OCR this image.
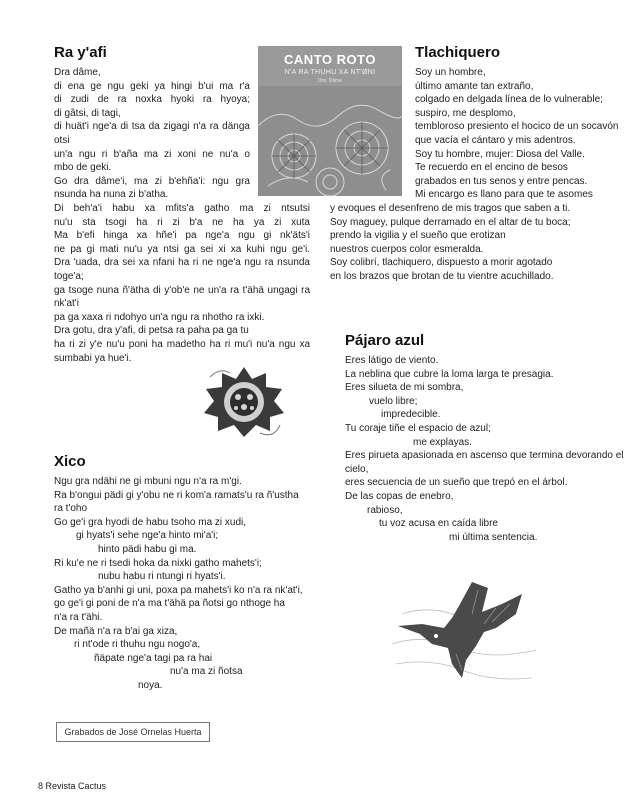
Ra y'afi
Dra dâme,
di ena ge ngu geki ya hingi b'ui ma r'a
di zudi de ra noxka hyoki ra hyoya;
di gâtsi, di tagi,
di huät'i nge'a di tsa da zigagi n'a ra dänga
otsi
un'a ngu ri b'aña ma zi xoni ne nu'a o
mbo de geki.
Go dra dâme'i, ma zi b'ehña'i: ngu gra
nsunda ha nuna zi b'atha.
Di beh'a'i habu xa mfits'a gatho ma zi ntsutsi
nu'u sta tsogi ha ri zi b'a ne ha ya zi xuta
Ma b'efi hinga xa hñe'i pa nge'a ngu gi nk'äts'i
ne pa gi mati nu'u ya ntsi ga sei xi xa kuhi ngu ge'i.
Dra 'uada, dra sei xa nfani ha ri ne nge'a ngu ra nsunda
toge'a;
ga tsoge nuna ñ'ätha di y'ob'e ne un'a ra t'ähä ungagi ra
nk'at'i
pa ga xaxa ri ndohyo un'a ngu ra nhotho ra ixki.
Dra gotu, dra y'afi, di petsa ra paha pa ga tu
ha ri zi y'e nu'u poni ha madetho ha ri mu'i nu'a ngu xa
sumbabi ya hue'i.
CANTO ROTO
N'A RA THUHU XA NT'ØNI
Dra. Dâme
Xico
Ngu gra ndähi ne gi mbuni ngu n'a ra m'gi.
Ra b'ongui pädi gi y'obu ne ri kom'a ramats'u ra ñ'ustha
ra t'oho
Go ge'i gra hyodi de habu tsoho ma zi xudi,
gi hyats'i sehe nge'a hinto mi'a'i;
hinto pädi habu gi ma.
Ri ku'e ne ri tsedi hoka da nixki gatho mahets'i;
nubu habu ri ntungi ri hyats'i.
Gatho ya b'anhi gi uni, poxa pa mahets'i ko n'a ra nk'at'i,
go ge'i gi poni de n'a ma t'ähä pa ñotsi go nthoge ha
n'a ra t'ähi.
De mañä n'a ra b'ai ga xiza,
ri nt'ode ri thuhu ngu nogo'a,
ñäpate nge'a tagi pa ra hai
nu'a ma zi ñotsa
noya.
Tlachiquero
Soy un hombre,
último amante tan extraño,
colgado en delgada línea de lo vulnerable;
suspiro, me desplomo,
tembloroso presiento el hocico de un socavón
que vacía el cántaro y mis adentros.
Soy tu hombre, mujer: Diosa del Valle.
Te recuerdo en el encino de besos
grabados en tus senos y entre pencas.
Mi encargo es llano para que te asomes
y evoques el desenfreno de mis tragos que saben a ti.
Soy maguey, pulque derramado en el altar de tu boca;
prendo la vigilia y el sueño que erotizan
nuestros cuerpos color esmeralda.
Soy colibrí, tlachiquero, dispuesto a morir agotado
en los brazos que brotan de tu vientre acuchillado.
Pájaro azul
Eres látigo de viento.
La neblina que cubre la loma larga te presagia.
Eres silueta de mi sombra,
vuelo libre;
impredecible.
Tu coraje tiñe el espacio de azul;
me explayas.
Eres pirueta apasionada en ascenso que termina devorando el
cielo,
eres secuencia de un sueño que trepó en el árbol.
De las copas de enebro,
rabioso,
tu voz acusa en caída libre
mi última sentencia.
Grabados de José Ornelas Huerta
8 Revista Cactus
